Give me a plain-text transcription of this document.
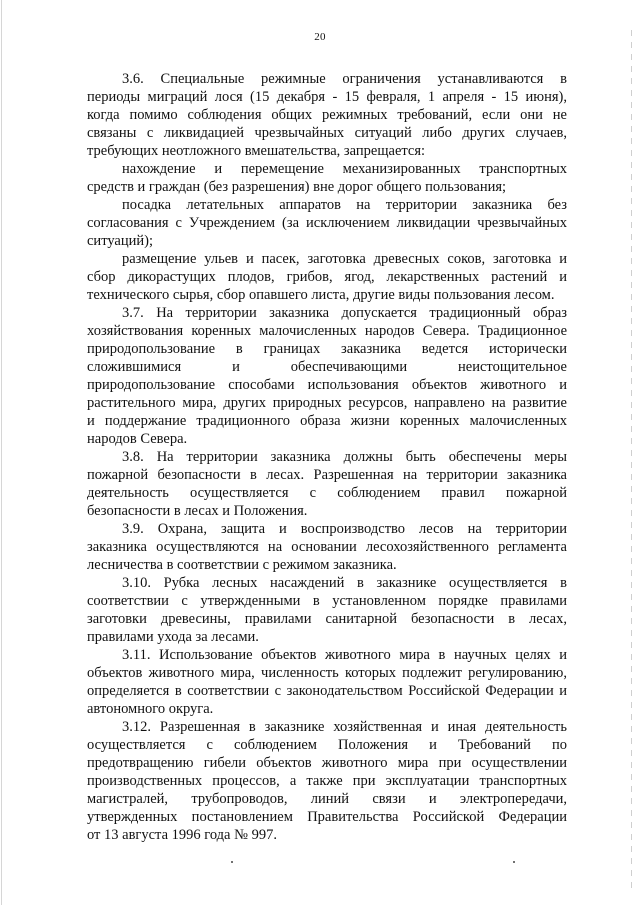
20
3.6. Специальные режимные ограничения устанавливаются в
периоды миграций лося (15 декабря - 15 февраля, 1 апреля - 15 июня),
когда помимо соблюдения общих режимных требований, если они не
связаны с ликвидацией чрезвычайных ситуаций либо других случаев,
требующих неотложного вмешательства, запрещается:
нахождение и перемещение механизированных транспортных
средств и граждан (без разрешения) вне дорог общего пользования;
посадка летательных аппаратов на территории заказника без
согласования с Учреждением (за исключением ликвидации чрезвычайных
ситуаций);
размещение ульев и пасек, заготовка древесных соков, заготовка и
сбор дикорастущих плодов, грибов, ягод, лекарственных растений и
технического сырья, сбор опавшего листа, другие виды пользования лесом.
3.7. На территории заказника допускается традиционный образ
хозяйствования коренных малочисленных народов Севера. Традиционное
природопользование в границах заказника ведется исторически
сложившимися и обеспечивающими неистощительное
природопользование способами использования объектов животного и
растительного мира, других природных ресурсов, направлено на развитие
и поддержание традиционного образа жизни коренных малочисленных
народов Севера.
3.8. На территории заказника должны быть обеспечены меры
пожарной безопасности в лесах. Разрешенная на территории заказника
деятельность осуществляется с соблюдением правил пожарной
безопасности в лесах и Положения.
3.9. Охрана, защита и воспроизводство лесов на территории
заказника осуществляются на основании лесохозяйственного регламента
лесничества в соответствии с режимом заказника.
3.10. Рубка лесных насаждений в заказнике осуществляется в
соответствии с утвержденными в установленном порядке правилами
заготовки древесины, правилами санитарной безопасности в лесах,
правилами ухода за лесами.
3.11. Использование объектов животного мира в научных целях и
объектов животного мира, численность которых подлежит регулированию,
определяется в соответствии с законодательством Российской Федерации и
автономного округа.
3.12. Разрешенная в заказнике хозяйственная и иная деятельность
осуществляется с соблюдением Положения и Требований по
предотвращению гибели объектов животного мира при осуществлении
производственных процессов, а также при эксплуатации транспортных
магистралей, трубопроводов, линий связи и электропередачи,
утвержденных постановлением Правительства Российской Федерации
от 13 августа 1996 года № 997.
